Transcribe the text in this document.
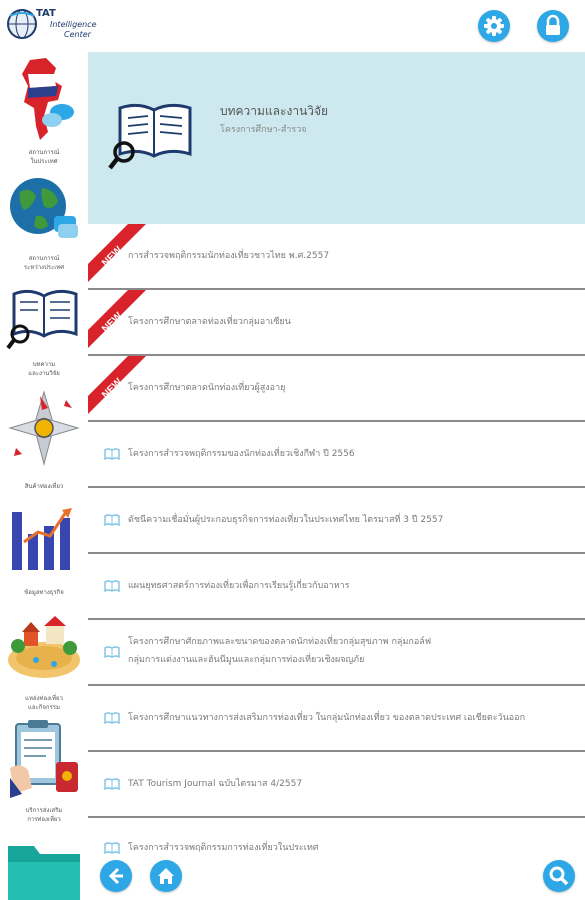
TAT
Intelligence
Center
สถานการณ์
ในประเทศ
สถานการณ์
ระหว่างประเทศ
บทความ
และงานวิจัย
สินค้าท่องเที่ยว
ข้อมูลทางธุรกิจ
แหล่งท่องเที่ยว
และกิจกรรม
บริการส่งเสริม
การท่องเที่ยว
บทความและงานวิจัย
โครงการศึกษา-สำรวจ
NEW การสำรวจพฤติกรรมนักท่องเที่ยวชาวไทย พ.ศ.2557
NEW โครงการศึกษาตลาดท่องเที่ยวกลุ่มอาเซียน
NEW โครงการศึกษาตลาดนักท่องเที่ยวผู้สูงอายุ
โครงการสำรวจพฤติกรรมของนักท่องเที่ยวเชิงกีฬา ปี 2556
ดัชนีความเชื่อมั่นผู้ประกอบธุรกิจการท่องเที่ยวในประเทศไทย ไตรมาสที่ 3 ปี 2557
แผนยุทธศาสตร์การท่องเที่ยวเพื่อการเรียนรู้เกี่ยวกับอาหาร
โครงการศึกษาศักยภาพและขนาดของตลาดนักท่องเที่ยวกลุ่มสุขภาพ กลุ่มกอล์ฟ
กลุ่มการแต่งงานและฮันนีมูนและกลุ่มการท่องเที่ยวเชิงผจญภัย
โครงการศึกษาแนวทางการส่งเสริมการท่องเที่ยว ในกลุ่มนักท่องเที่ยว ของตลาดประเทศ เอเชียตะวันออก
TAT Tourism Journal ฉบับไตรมาส 4/2557
โครงการสำรวจพฤติกรรมการท่องเที่ยวในประเทศ
